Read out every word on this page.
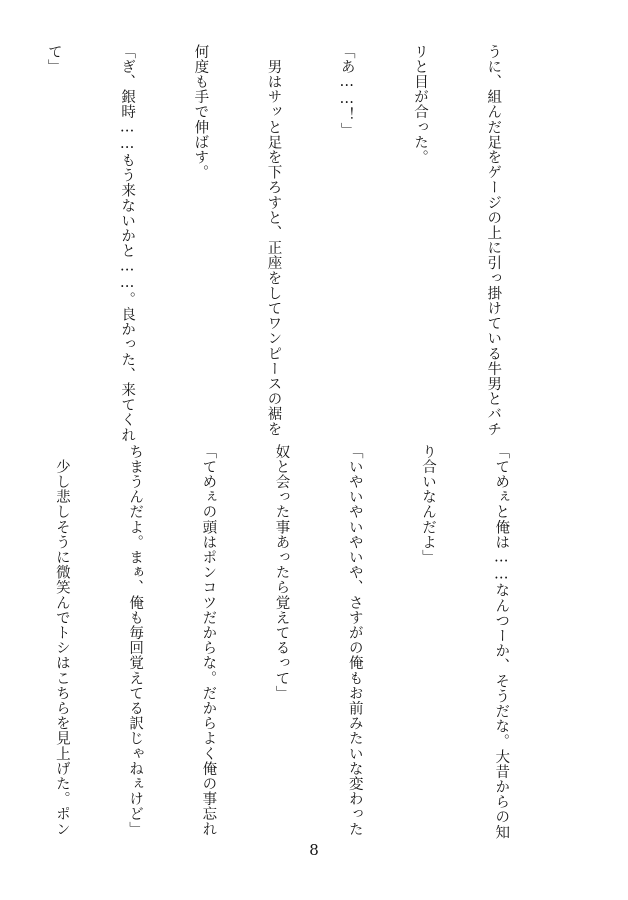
うに、組んだ足をゲージの上に引っ掛けている牛男とバチ

リと目が合った。

「あ……！」

　男はサッと足を下ろすと、正座をしてワンピースの裾を

何度も手で伸ばす。

「ぎ、銀時……もう来ないかと……。良かった、来てくれ

て」

「てめぇと俺は……なんつーか、そうだな。大昔からの知

り合いなんだよ」

「いやいやいやいや、さすがの俺もお前みたいな変わった

奴と会った事あったら覚えてるって」

「てめぇの頭はポンコツだからな。だからよく俺の事忘れ

ちまうんだよ。まぁ、俺も毎回覚えてる訳じゃねぇけど」

　少し悲しそうに微笑んでトシはこちらを見上げた。ポン

8
